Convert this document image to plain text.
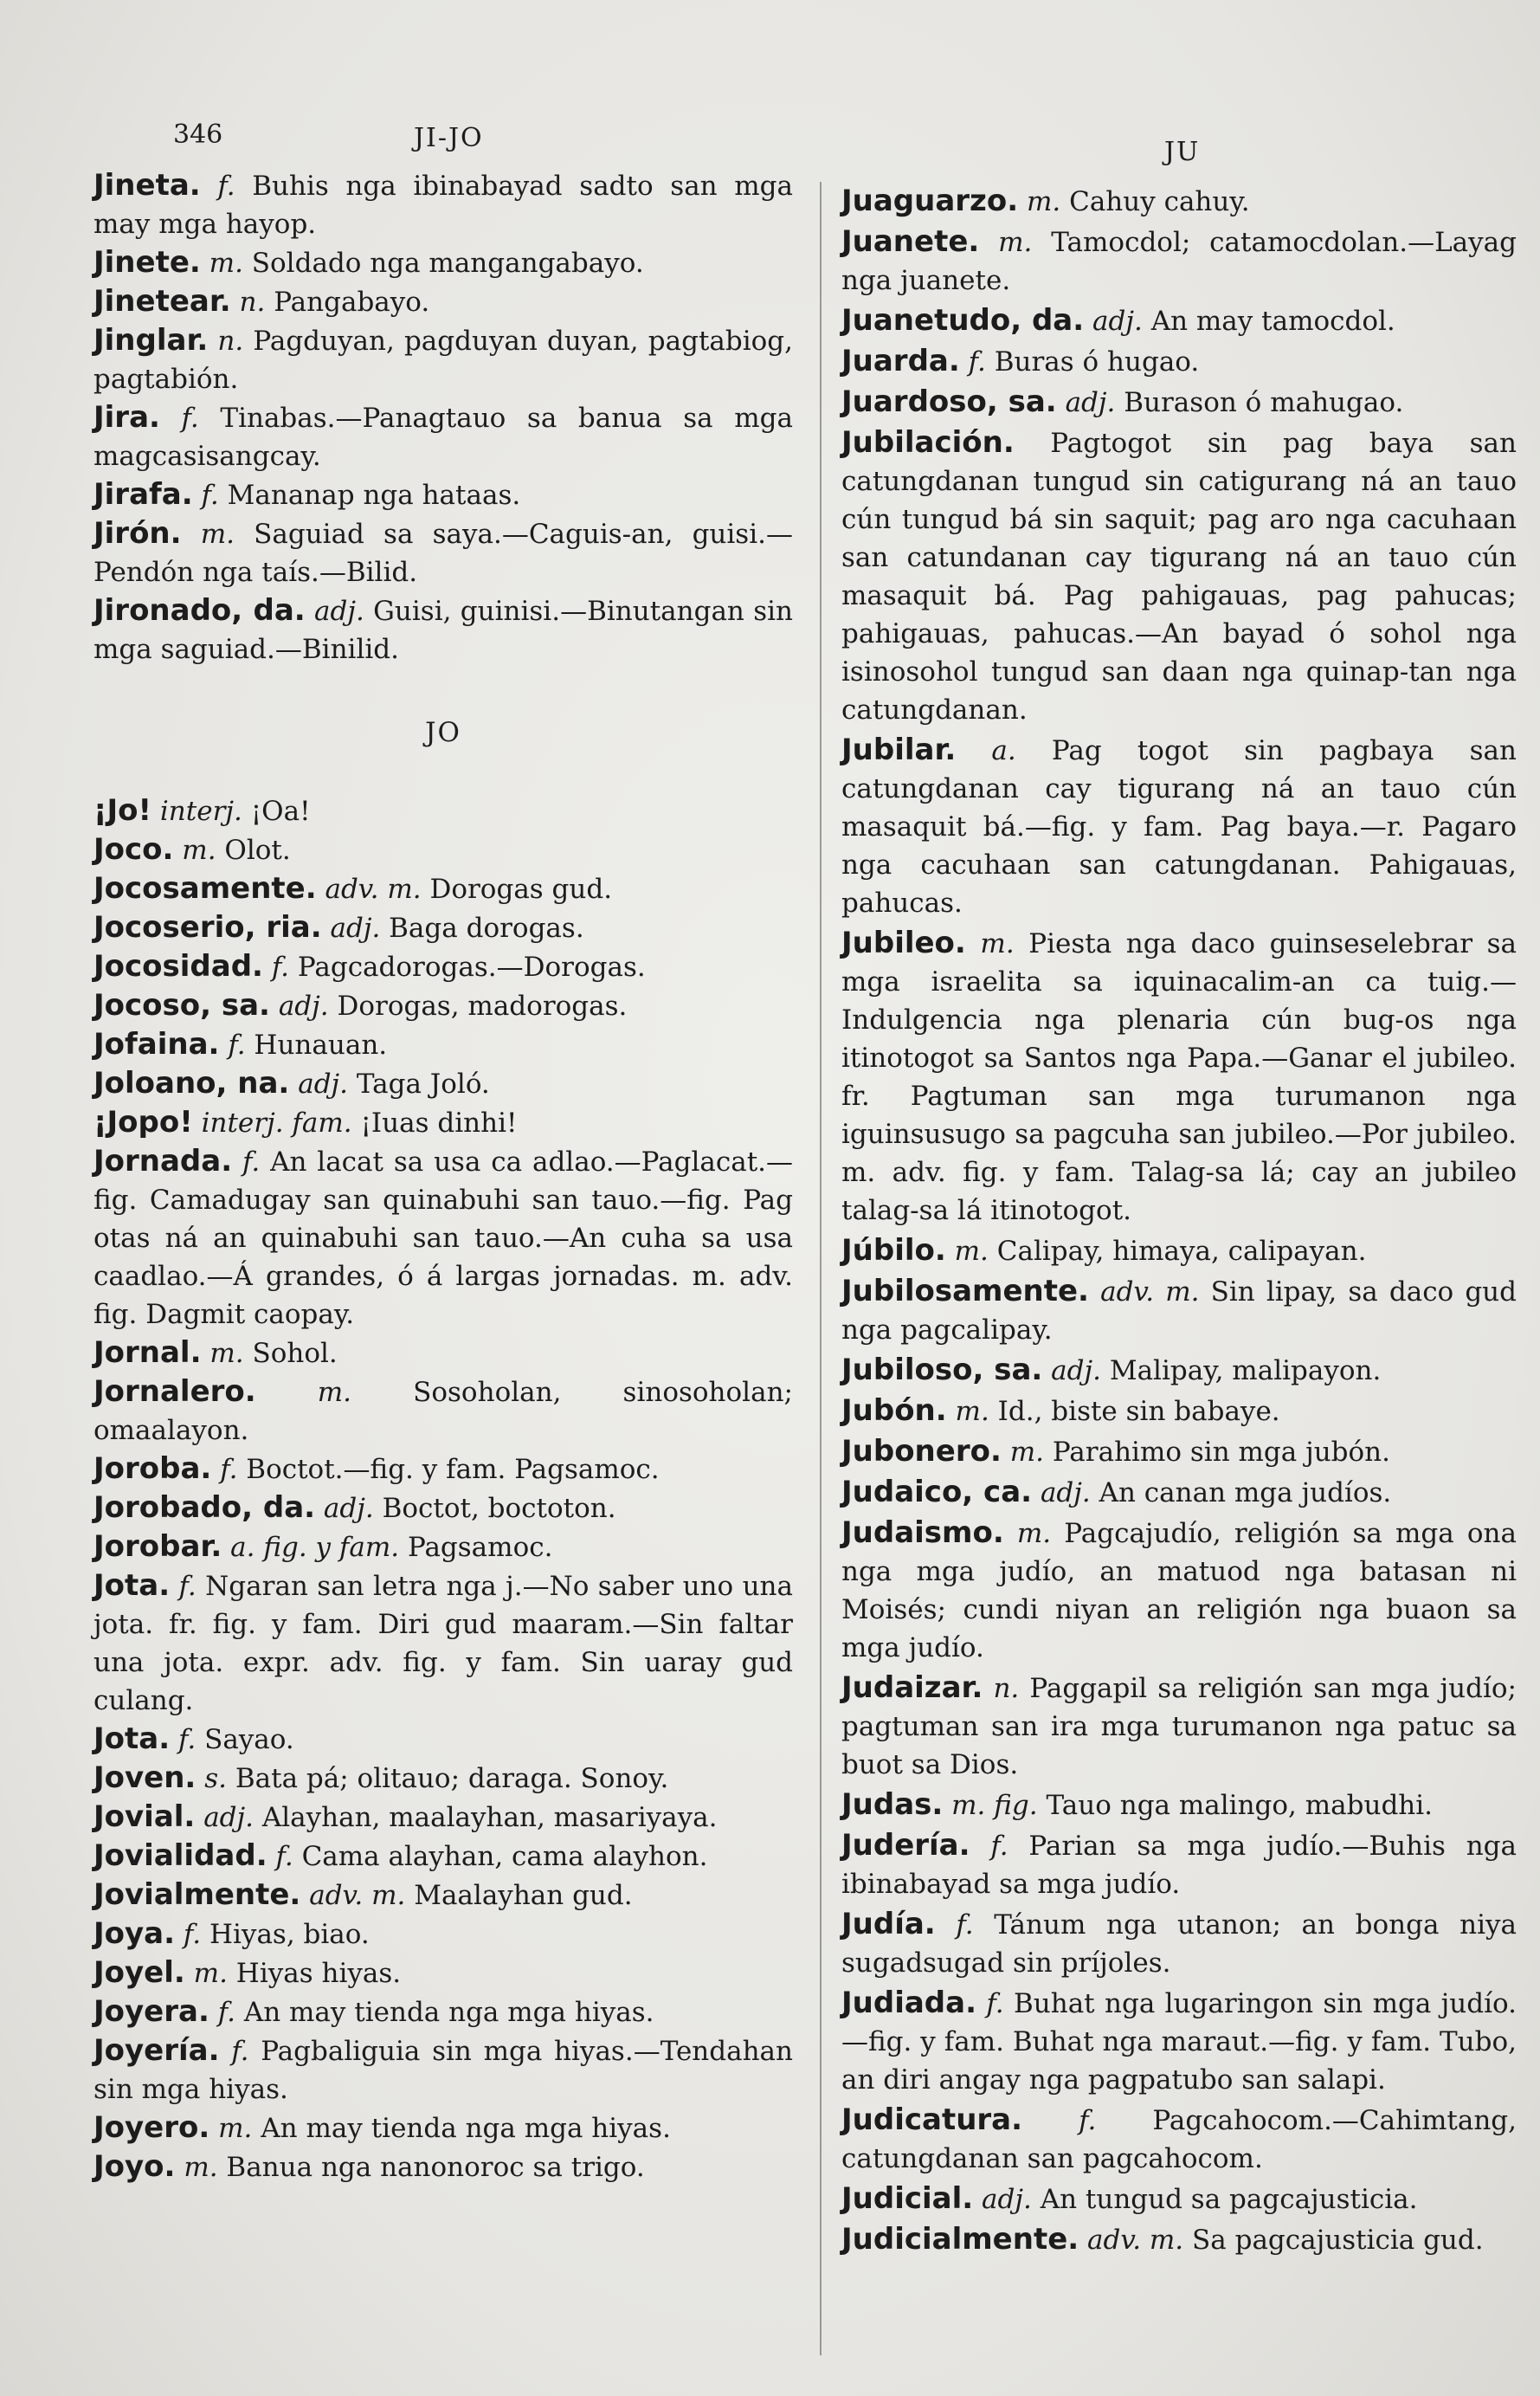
346	JI-JO	JU

Jineta. f. Buhis nga ibinabayad sadto san mga may mga hayop.

Jinete. m. Soldado nga mangangabayo.

Jinetear. n. Pangabayo.

Jinglar. n. Pagduyan, pagduyan duyan, pagtabiog, pagtabión.

Jira. f. Tinabas.—Panagtauo sa banua sa mga magcasisangcay.

Jirafa. f. Mananap nga hataas.

Jirón. m. Saguiad sa saya.—Caguis-an, guisi.—Pendón nga taís.—Bilid.

Jironado, da. adj. Guisi, guinisi.—Binutangan sin mga saguiad.—Binilid.

JO

¡Jo! interj. ¡Oa!

Joco. m. Olot.

Jocosamente. adv. m. Dorogas gud.

Jocoserio, ria. adj. Baga dorogas.

Jocosidad. f. Pagcadorogas.—Dorogas.

Jocoso, sa. adj. Dorogas, madorogas.

Jofaina. f. Hunauan.

Joloano, na. adj. Taga Joló.

¡Jopo! interj. fam. ¡Iuas dinhi!

Jornada. f. An lacat sa usa ca adlao.—Paglacat.—fig. Camadugay san quinabuhi san tauo.—fig. Pag otas ná an quinabuhi san tauo.—An cuha sa usa caadlao.—Á grandes, ó á largas jornadas. m. adv. fig. Dagmit caopay.

Jornal. m. Sohol.

Jornalero. m. Sosoholan, sinosoholan; omaalayon.

Joroba. f. Boctot.—fig. y fam. Pagsamoc.

Jorobado, da. adj. Boctot, boctoton.

Jorobar. a. fig. y fam. Pagsamoc.

Jota. f. Ngaran san letra nga j.—No saber uno una jota. fr. fig. y fam. Diri gud maaram.—Sin faltar una jota. expr. adv. fig. y fam. Sin uaray gud culang.

Jota. f. Sayao.

Joven. s. Bata pá; olitauo; daraga. Sonoy.

Jovial. adj. Alayhan, maalayhan, masariyaya.

Jovialidad. f. Cama alayhan, cama alayhon.

Jovialmente. adv. m. Maalayhan gud.

Joya. f. Hiyas, biao.

Joyel. m. Hiyas hiyas.

Joyera. f. An may tienda nga mga hiyas.

Joyería. f. Pagbaliguia sin mga hiyas.—Tendahan sin mga hiyas.

Joyero. m. An may tienda nga mga hiyas.

Joyo. m. Banua nga nanonoroc sa trigo.

Juaguarzo. m. Cahuy cahuy.

Juanete. m. Tamocdol; catamocdolan.—Layag nga juanete.

Juanetudo, da. adj. An may tamocdol.

Juarda. f. Buras ó hugao.

Juardoso, sa. adj. Burason ó mahugao.

Jubilación. Pagtogot sin pag baya san catungdanan tungud sin catigurang ná an tauo cún tungud bá sin saquit; pag aro nga cacuhaan san catundanan cay tigurang ná an tauo cún masaquit bá. Pag pahigauas, pag pahucas; pahigauas, pahucas.—An bayad ó sohol nga isinosohol tungud san daan nga quinap-tan nga catungdanan.

Jubilar. a. Pag togot sin pagbaya san catungdanan cay tigurang ná an tauo cún masaquit bá.—fig. y fam. Pag baya.—r. Pagaro nga cacuhaan san catungdanan. Pahigauas, pahucas.

Jubileo. m. Piesta nga daco guinseselebrar sa mga israelita sa iquinacalim-an ca tuig.—Indulgencia nga plenaria cún bug-os nga itinotogot sa Santos nga Papa.—Ganar el jubileo. fr. Pagtuman san mga turumanon nga iguinsusugo sa pagcuha san jubileo.—Por jubileo. m. adv. fig. y fam. Talag-sa lá; cay an jubileo talag-sa lá itinotogot.

Júbilo. m. Calipay, himaya, calipayan.

Jubilosamente. adv. m. Sin lipay, sa daco gud nga pagcalipay.

Jubiloso, sa. adj. Malipay, malipayon.

Jubón. m. Id., biste sin babaye.

Jubonero. m. Parahimo sin mga jubón.

Judaico, ca. adj. An canan mga judíos.

Judaismo. m. Pagcajudío, religión sa mga ona nga mga judío, an matuod nga batasan ni Moisés; cundi niyan an religión nga buaon sa mga judío.

Judaizar. n. Paggapil sa religión san mga judío; pagtuman san ira mga turumanon nga patuc sa buot sa Dios.

Judas. m. fig. Tauo nga malingo, mabudhi.

Judería. f. Parian sa mga judío.—Buhis nga ibinabayad sa mga judío.

Judía. f. Tánum nga utanon; an bonga niya sugadsugad sin príjoles.

Judiada. f. Buhat nga lugaringon sin mga judío.—fig. y fam. Buhat nga maraut.—fig. y fam. Tubo, an diri angay nga pagpatubo san salapi.

Judicatura. f. Pagcahocom.—Cahimtang, catungdanan san pagcahocom.

Judicial. adj. An tungud sa pagcajusticia.

Judicialmente. adv. m. Sa pagcajusticia gud.
